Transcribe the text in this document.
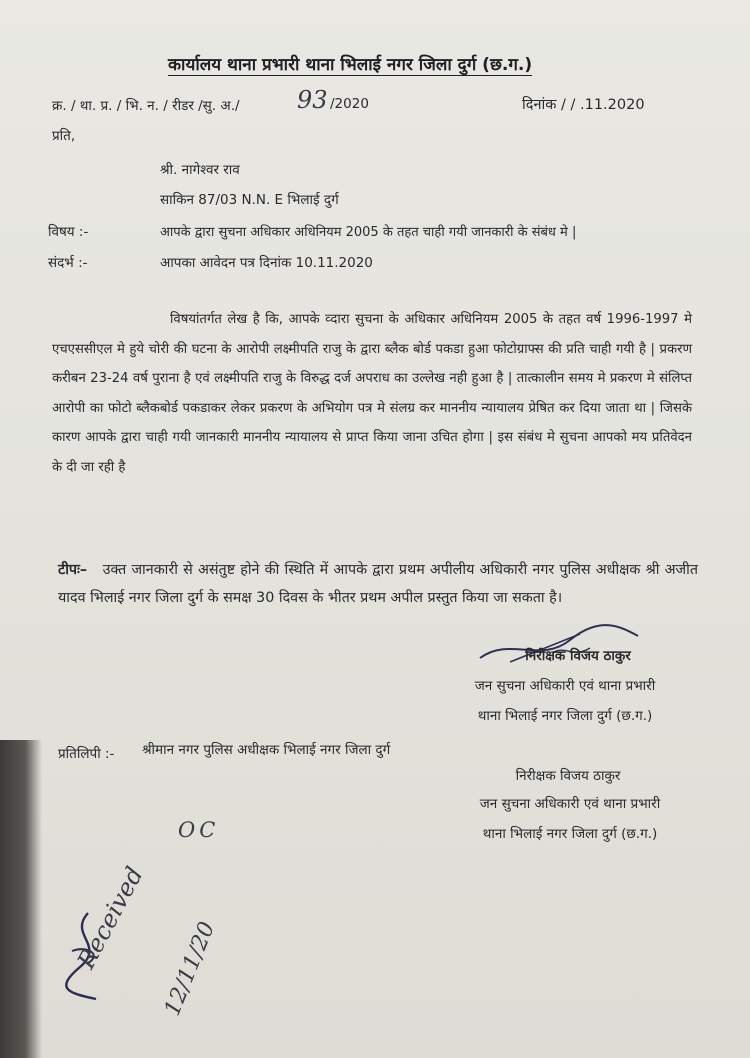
कार्यालय थाना प्रभारी थाना भिलाई नगर जिला दुर्ग (छ.ग.)
क्र. / था. प्र. / भि. न. / रीडर /सु. अ./ 93 /2020	दिनांक / / .11.2020
प्रति,
श्री. नागेश्वर राव
साकिन 87/03 N.N. E भिलाई दुर्ग
विषय :-	आपके द्वारा सुचना अधिकार अधिनियम 2005 के तहत चाही गयी जानकारी के संबंध मे |
संदर्भ :-	आपका आवेदन पत्र दिनांक 10.11.2020
विषयांतर्गत लेख है कि, आपके व्दारा सुचना के अधिकार अधिनियम 2005 के तहत वर्ष 1996-1997 मे एचएससीएल मे हुये चोरी की घटना के आरोपी लक्ष्मीपति राजु के द्वारा ब्लैक बोर्ड पकडा हुआ फोटोग्राफ्स की प्रति चाही गयी है | प्रकरण करीबन 23-24 वर्ष पुराना है एवं लक्ष्मीपति राजु के विरुद्ध दर्ज अपराध का उल्लेख नही हुआ है | तात्कालीन समय मे प्रकरण मे संलिप्त आरोपी का फोटो ब्लैकबोर्ड पकडाकर लेकर प्रकरण के अभियोग पत्र मे संलग्र कर माननीय न्यायालय प्रेषित कर दिया जाता था | जिसके कारण आपके द्वारा चाही गयी जानकारी माननीय न्यायालय से प्राप्त किया जाना उचित होगा | इस संबंध मे सुचना आपको मय प्रतिवेदन के दी जा रही है
टीपः– उक्त जानकारी से असंतुष्ट होने की स्थिति में आपके द्वारा प्रथम अपीलीय अधिकारी नगर पुलिस अधीक्षक श्री अजीत यादव भिलाई नगर जिला दुर्ग के समक्ष 30 दिवस के भीतर प्रथम अपील प्रस्तुत किया जा सकता है।
निरीक्षक विजय ठाकुर
जन सुचना अधिकारी एवं थाना प्रभारी
थाना भिलाई नगर जिला दुर्ग (छ.ग.)
प्रतिलिपी :- श्रीमान नगर पुलिस अधीक्षक भिलाई नगर जिला दुर्ग
निरीक्षक विजय ठाकुर
जन सुचना अधिकारी एवं थाना प्रभारी
थाना भिलाई नगर जिला दुर्ग (छ.ग.)
OC
Received 12/11/20
